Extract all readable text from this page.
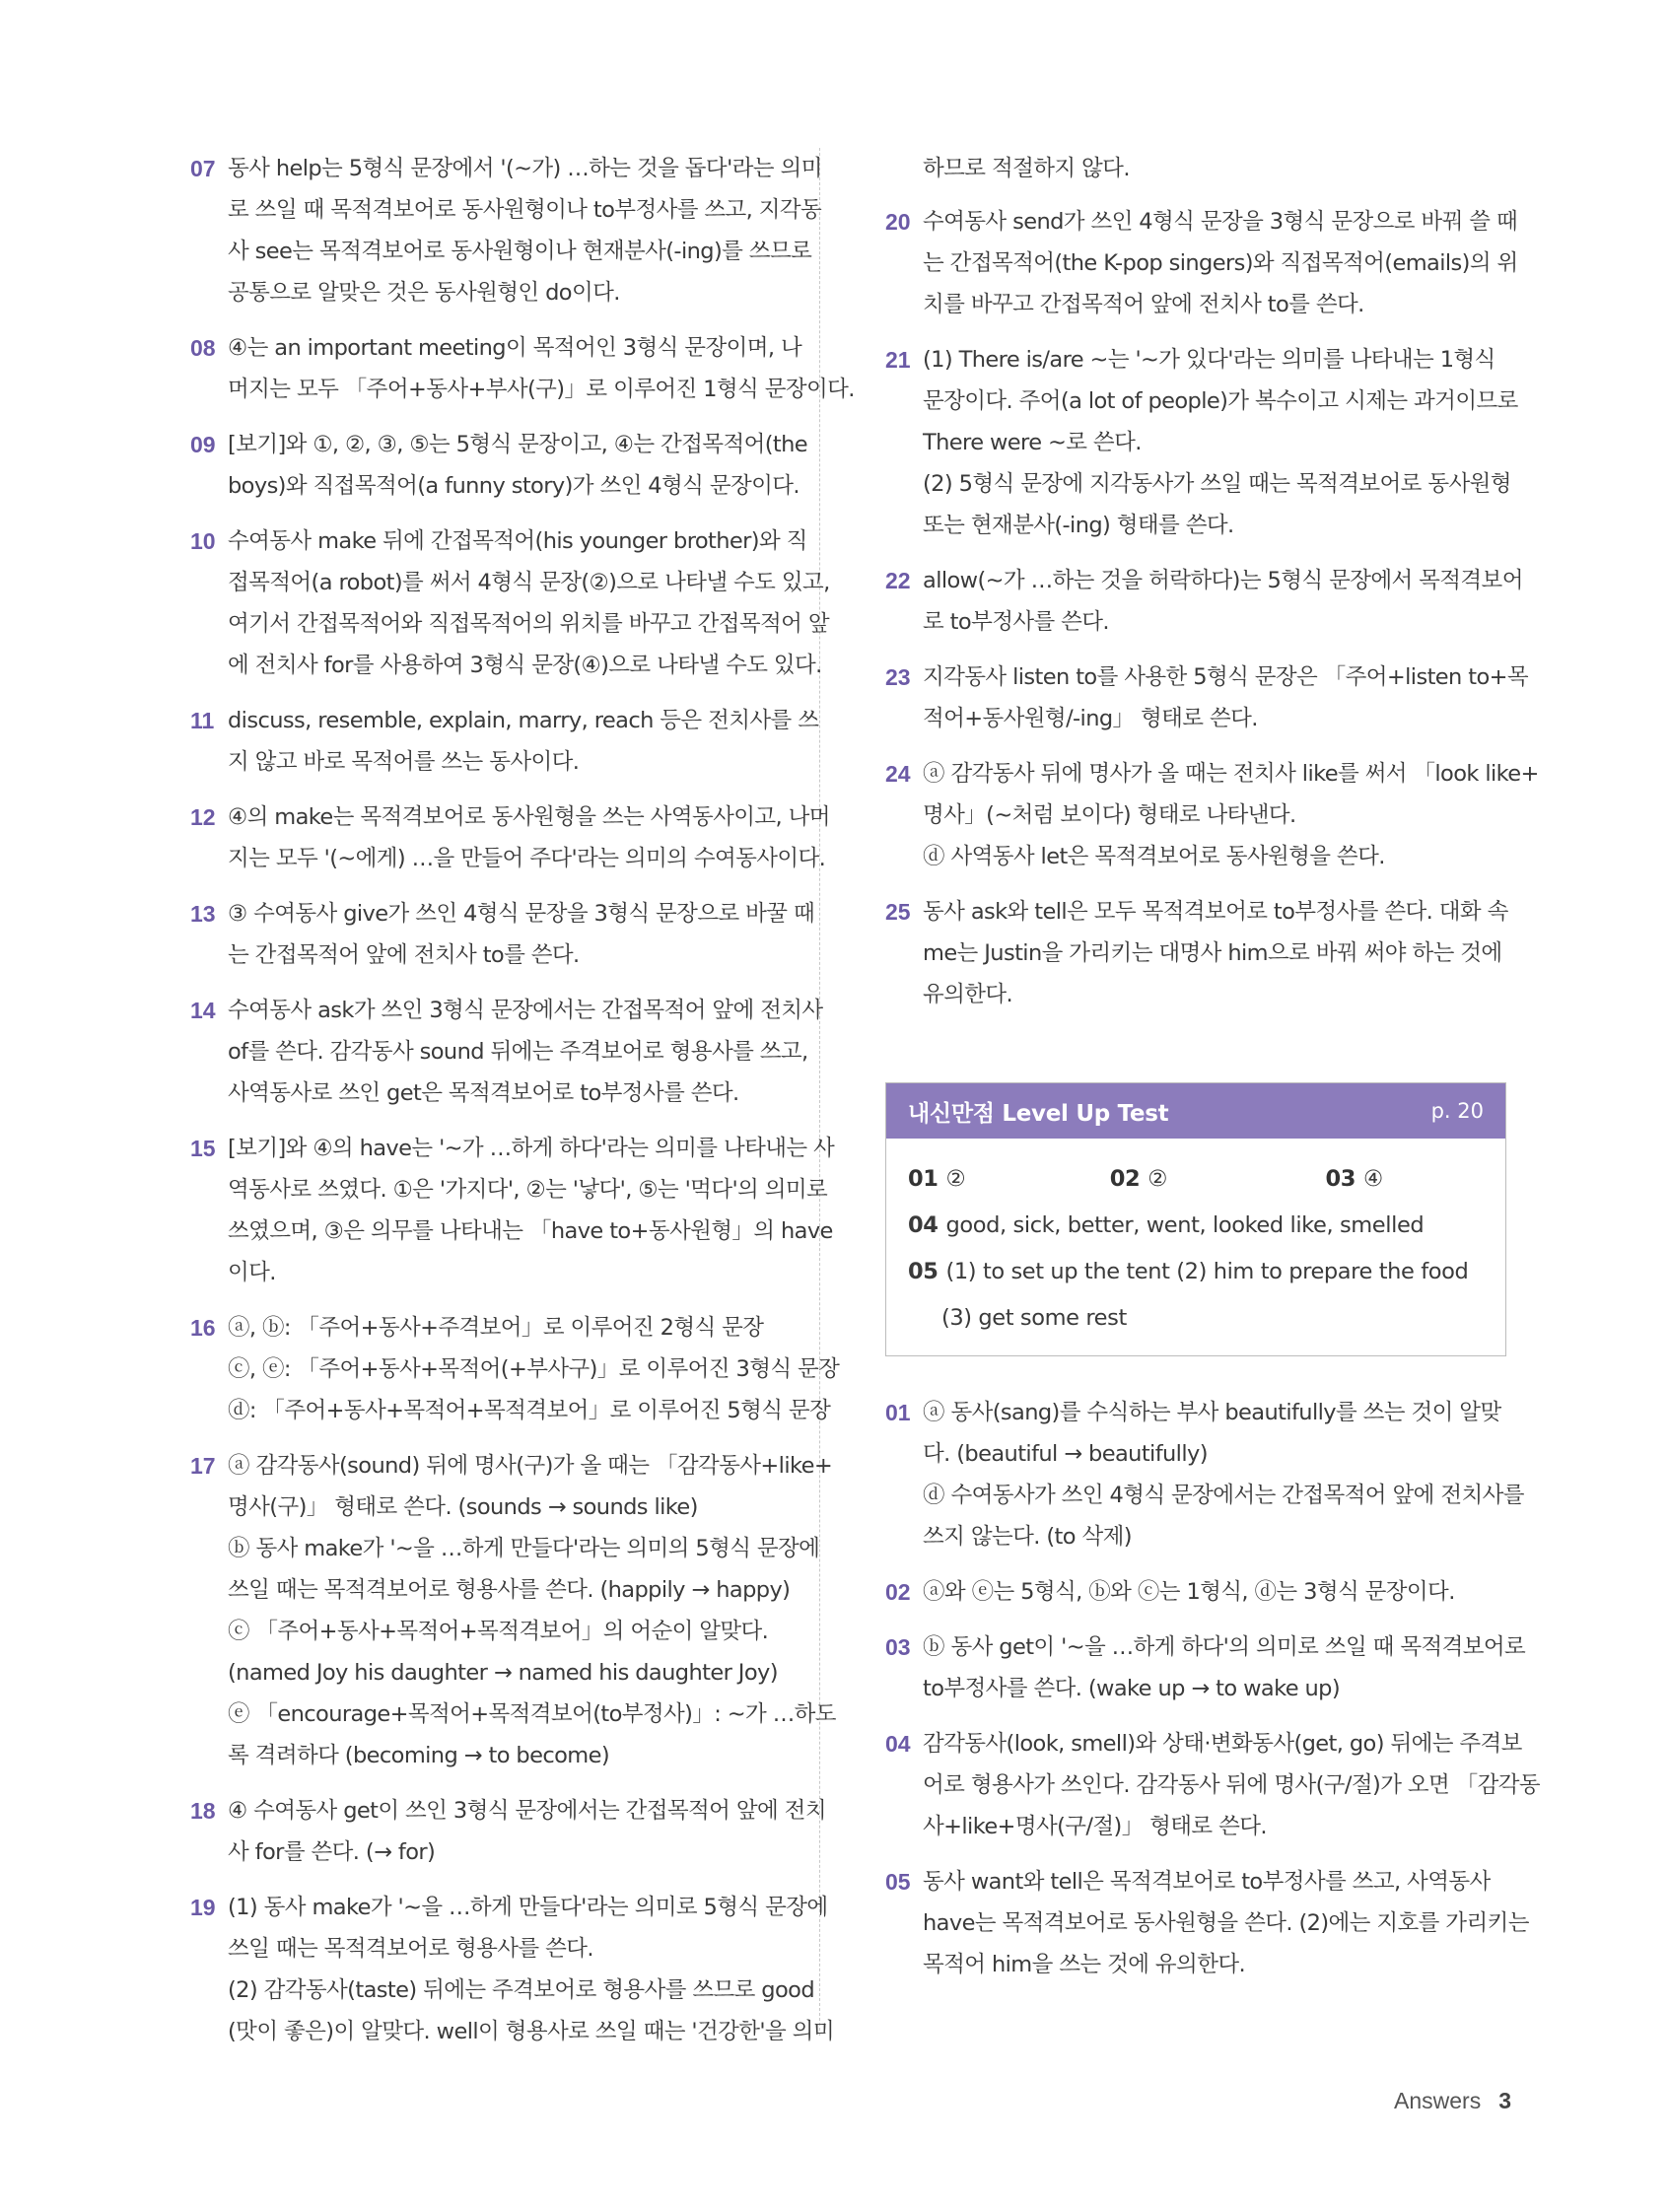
07 동사 help는 5형식 문장에서 '(~가) …하는 것을 돕다'라는 의미
로 쓰일 때 목적격보어로 동사원형이나 to부정사를 쓰고, 지각동
사 see는 목적격보어로 동사원형이나 현재분사(-ing)를 쓰므로
공통으로 알맞은 것은 동사원형인 do이다.
08 ④는 an important meeting이 목적어인 3형식 문장이며, 나
머지는 모두 「주어+동사+부사(구)」로 이루어진 1형식 문장이다.
09 [보기]와 ①, ②, ③, ⑤는 5형식 문장이고, ④는 간접목적어(the
boys)와 직접목적어(a funny story)가 쓰인 4형식 문장이다.
10 수여동사 make 뒤에 간접목적어(his younger brother)와 직
접목적어(a robot)를 써서 4형식 문장(②)으로 나타낼 수도 있고,
여기서 간접목적어와 직접목적어의 위치를 바꾸고 간접목적어 앞
에 전치사 for를 사용하여 3형식 문장(④)으로 나타낼 수도 있다.
11 discuss, resemble, explain, marry, reach 등은 전치사를 쓰
지 않고 바로 목적어를 쓰는 동사이다.
12 ④의 make는 목적격보어로 동사원형을 쓰는 사역동사이고, 나머
지는 모두 '(~에게) …을 만들어 주다'라는 의미의 수여동사이다.
13 ③ 수여동사 give가 쓰인 4형식 문장을 3형식 문장으로 바꿀 때
는 간접목적어 앞에 전치사 to를 쓴다.
14 수여동사 ask가 쓰인 3형식 문장에서는 간접목적어 앞에 전치사
of를 쓴다. 감각동사 sound 뒤에는 주격보어로 형용사를 쓰고,
사역동사로 쓰인 get은 목적격보어로 to부정사를 쓴다.
15 [보기]와 ④의 have는 '~가 …하게 하다'라는 의미를 나타내는 사
역동사로 쓰였다. ①은 '가지다', ②는 '낳다', ⑤는 '먹다'의 의미로
쓰였으며, ③은 의무를 나타내는 「have to+동사원형」의 have
이다.
16 ⓐ, ⓑ: 「주어+동사+주격보어」로 이루어진 2형식 문장
ⓒ, ⓔ: 「주어+동사+목적어(+부사구)」로 이루어진 3형식 문장
ⓓ: 「주어+동사+목적어+목적격보어」로 이루어진 5형식 문장
17 ⓐ 감각동사(sound) 뒤에 명사(구)가 올 때는 「감각동사+like+
명사(구)」 형태로 쓴다. (sounds → sounds like)
ⓑ 동사 make가 '~을 …하게 만들다'라는 의미의 5형식 문장에
쓰일 때는 목적격보어로 형용사를 쓴다. (happily → happy)
ⓒ 「주어+동사+목적어+목적격보어」의 어순이 알맞다.
(named Joy his daughter → named his daughter Joy)
ⓔ 「encourage+목적어+목적격보어(to부정사)」: ~가 …하도
록 격려하다 (becoming → to become)
18 ④ 수여동사 get이 쓰인 3형식 문장에서는 간접목적어 앞에 전치
사 for를 쓴다. (→ for)
19 (1) 동사 make가 '~을 …하게 만들다'라는 의미로 5형식 문장에
쓰일 때는 목적격보어로 형용사를 쓴다.
(2) 감각동사(taste) 뒤에는 주격보어로 형용사를 쓰므로 good
(맛이 좋은)이 알맞다. well이 형용사로 쓰일 때는 '건강한'을 의미
하므로 적절하지 않다.
20 수여동사 send가 쓰인 4형식 문장을 3형식 문장으로 바꿔 쓸 때
는 간접목적어(the K-pop singers)와 직접목적어(emails)의 위
치를 바꾸고 간접목적어 앞에 전치사 to를 쓴다.
21 (1) There is/are ~는 '~가 있다'라는 의미를 나타내는 1형식
문장이다. 주어(a lot of people)가 복수이고 시제는 과거이므로
There were ~로 쓴다.
(2) 5형식 문장에 지각동사가 쓰일 때는 목적격보어로 동사원형
또는 현재분사(-ing) 형태를 쓴다.
22 allow(~가 …하는 것을 허락하다)는 5형식 문장에서 목적격보어
로 to부정사를 쓴다.
23 지각동사 listen to를 사용한 5형식 문장은 「주어+listen to+목
적어+동사원형/-ing」 형태로 쓴다.
24 ⓐ 감각동사 뒤에 명사가 올 때는 전치사 like를 써서 「look like+
명사」(~처럼 보이다) 형태로 나타낸다.
ⓓ 사역동사 let은 목적격보어로 동사원형을 쓴다.
25 동사 ask와 tell은 모두 목적격보어로 to부정사를 쓴다. 대화 속
me는 Justin을 가리키는 대명사 him으로 바꿔 써야 하는 것에
유의한다.
내신만점 Level Up Test	p. 20
01 ②	02 ②	03 ④
04 good, sick, better, went, looked like, smelled
05 (1) to set up the tent (2) him to prepare the food
(3) get some rest
01 ⓐ 동사(sang)를 수식하는 부사 beautifully를 쓰는 것이 알맞
다. (beautiful → beautifully)
ⓓ 수여동사가 쓰인 4형식 문장에서는 간접목적어 앞에 전치사를
쓰지 않는다. (to 삭제)
02 ⓐ와 ⓔ는 5형식, ⓑ와 ⓒ는 1형식, ⓓ는 3형식 문장이다.
03 ⓑ 동사 get이 '~을 …하게 하다'의 의미로 쓰일 때 목적격보어로
to부정사를 쓴다. (wake up → to wake up)
04 감각동사(look, smell)와 상태·변화동사(get, go) 뒤에는 주격보
어로 형용사가 쓰인다. 감각동사 뒤에 명사(구/절)가 오면 「감각동
사+like+명사(구/절)」 형태로 쓴다.
05 동사 want와 tell은 목적격보어로 to부정사를 쓰고, 사역동사
have는 목적격보어로 동사원형을 쓴다. (2)에는 지호를 가리키는
목적어 him을 쓰는 것에 유의한다.
Answers 3
